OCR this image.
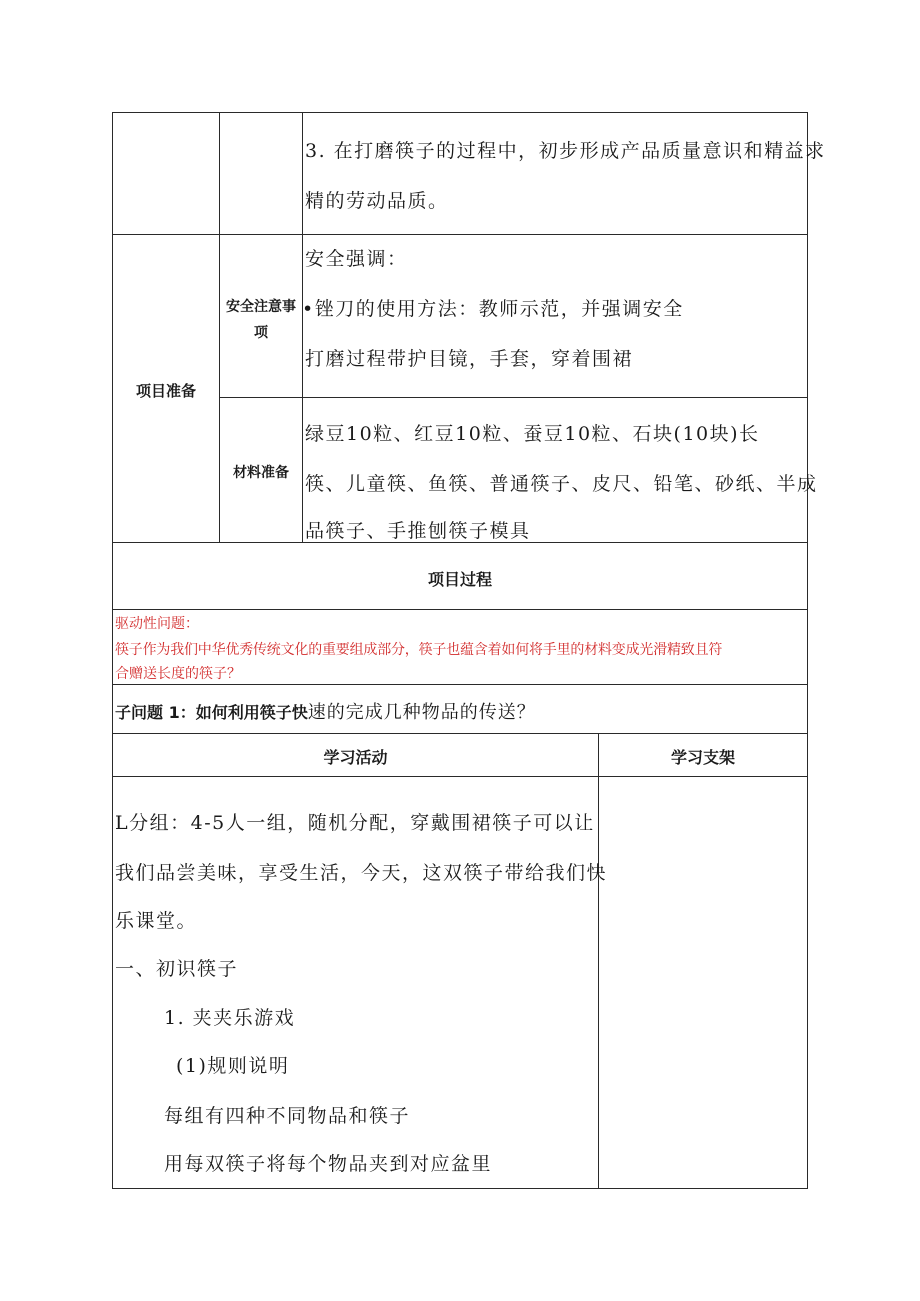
3. 在打磨筷子的过程中，初步形成产品质量意识和精益求
精的劳动品质。
项目准备
安全注意事
项
安全强调：
•锉刀的使用方法：教师示范，并强调安全
打磨过程带护目镜，手套，穿着围裙
材料准备
绿豆10粒、红豆10粒、蚕豆10粒、石块(10块)长
筷、儿童筷、鱼筷、普通筷子、皮尺、铅笔、砂纸、半成
品筷子、手推刨筷子模具
项目过程
驱动性问题：
筷子作为我们中华优秀传统文化的重要组成部分，筷子也蕴含着如何将手里的材料变成光滑精致且符
合赠送长度的筷子？
子问题 1：如何利用筷子快速的完成几种物品的传送？
学习活动	学习支架
L分组：4-5人一组，随机分配，穿戴围裙筷子可以让
我们品尝美味，享受生活，今天，这双筷子带给我们快
乐课堂。
一、初识筷子
1. 夹夹乐游戏
(1)规则说明
每组有四种不同物品和筷子
用每双筷子将每个物品夹到对应盆里
